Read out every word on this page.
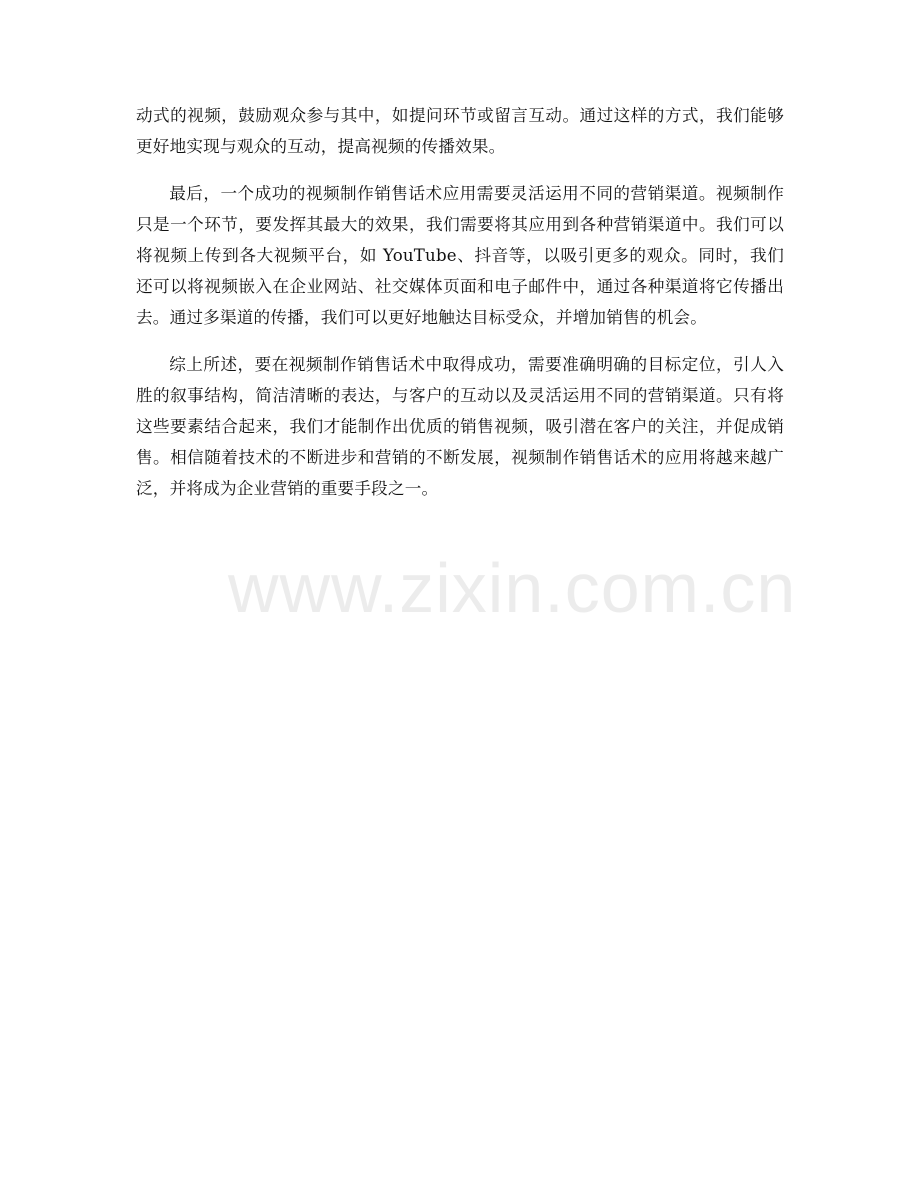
动式的视频，鼓励观众参与其中，如提问环节或留言互动。通过这样的方式，我们能够更好地实现与观众的互动，提高视频的传播效果。

最后，一个成功的视频制作销售话术应用需要灵活运用不同的营销渠道。视频制作只是一个环节，要发挥其最大的效果，我们需要将其应用到各种营销渠道中。我们可以将视频上传到各大视频平台，如 YouTube、抖音等，以吸引更多的观众。同时，我们还可以将视频嵌入在企业网站、社交媒体页面和电子邮件中，通过各种渠道将它传播出去。通过多渠道的传播，我们可以更好地触达目标受众，并增加销售的机会。

综上所述，要在视频制作销售话术中取得成功，需要准确明确的目标定位，引人入胜的叙事结构，简洁清晰的表达，与客户的互动以及灵活运用不同的营销渠道。只有将这些要素结合起来，我们才能制作出优质的销售视频，吸引潜在客户的关注，并促成销售。相信随着技术的不断进步和营销的不断发展，视频制作销售话术的应用将越来越广泛，并将成为企业营销的重要手段之一。

www.zixin.com.cn
